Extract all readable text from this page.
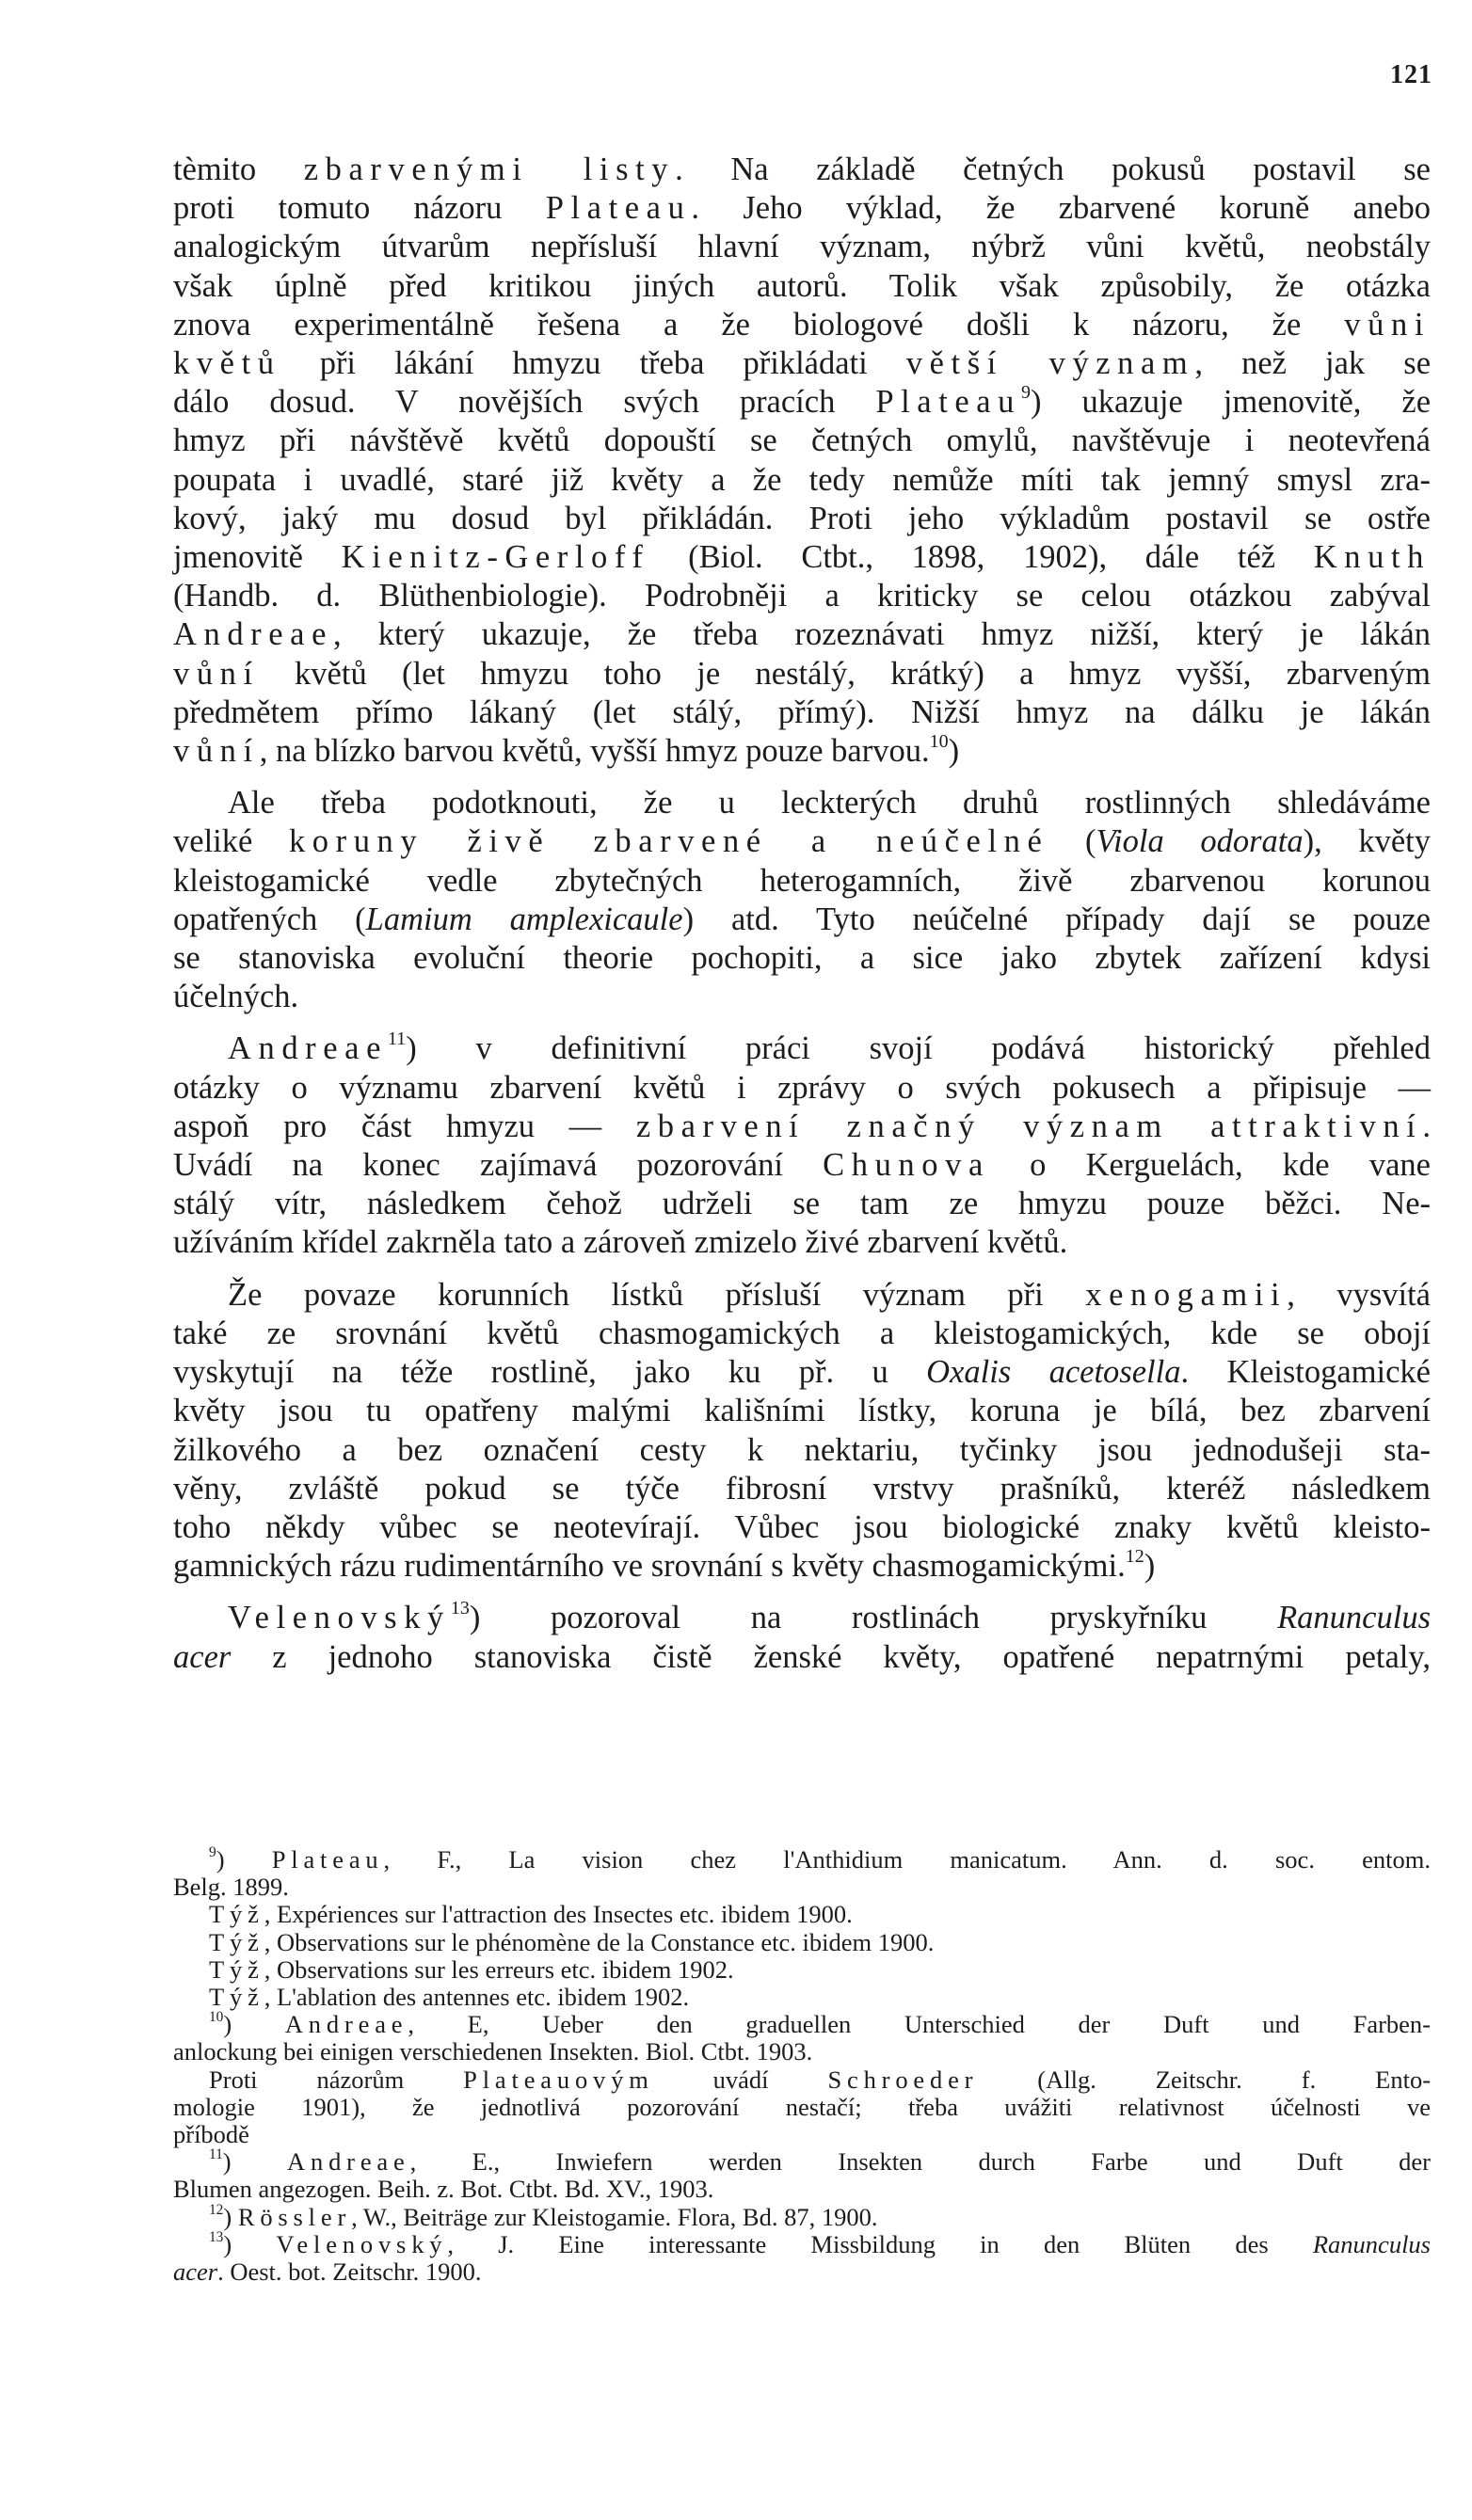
121
tèmito zbarvenými listy. Na základě četných pokusů postavil se
proti tomuto názoru Plateau. Jeho výklad, že zbarvené koruně anebo
analogickým útvarům nepřísluší hlavní význam, nýbrž vůni květů, neobstály
však úplně před kritikou jiných autorů. Tolik však způsobily, že otázka
znova experimentálně řešena a že biologové došli k názoru, že vůni
květů při lákání hmyzu třeba přikládati větší význam, než jak se
dálo dosud. V novějších svých pracích Plateau$^9$) ukazuje jmenovitě, že
hmyz při návštěvě květů dopouští se četných omylů, navštěvuje i neotevřená
poupata i uvadlé, staré již květy a že tedy nemůže míti tak jemný smysl zra-
kový, jaký mu dosud byl přikládán. Proti jeho výkladům postavil se ostře
jmenovitě Kienitz-Gerloff (Biol. Ctbt., 1898, 1902), dále též Knuth
(Handb. d. Blüthenbiologie). Podrobněji a kriticky se celou otázkou zabýval
Andreae, který ukazuje, že třeba rozeznávati hmyz nižší, který je lákán
vůní květů (let hmyzu toho je nestálý, krátký) a hmyz vyšší, zbarveným
předmětem přímo lákaný (let stálý, přímý). Nižší hmyz na dálku je lákán
vůní, na blízko barvou květů, vyšší hmyz pouze barvou.$^{10}$)
Ale třeba podotknouti, že u leckterých druhů rostlinných shledáváme
veliké koruny živě zbarvené a neúčelné (Viola odorata), květy
kleistogamické vedle zbytečných heterogamních, živě zbarvenou korunou
opatřených (Lamium amplexicaule) atd. Tyto neúčelné případy dají se pouze
se stanoviska evoluční theorie pochopiti, a sice jako zbytek zařízení kdysi
účelných.
Andreae$^{11}$) v definitivní práci svojí podává historický přehled
otázky o významu zbarvení květů i zprávy o svých pokusech a připisuje —
aspoň pro část hmyzu — zbarvení značný význam attraktivní.
Uvádí na konec zajímavá pozorování Chunova o Kerguelách, kde vane
stálý vítr, následkem čehož udrželi se tam ze hmyzu pouze běžci. Ne-
užíváním křídel zakrněla tato a zároveň zmizelo živé zbarvení květů.
Že povaze korunních lístků přísluší význam při xenogamii, vysvítá
také ze srovnání květů chasmogamických a kleistogamických, kde se obojí
vyskytují na téže rostlině, jako ku př. u Oxalis acetosella. Kleistogamické
květy jsou tu opatřeny malými kališními lístky, koruna je bílá, bez zbarvení
žilkového a bez označení cesty k nektariu, tyčinky jsou jednodušeji sta-
věny, zvláště pokud se týče fibrosní vrstvy prašníků, kteréž následkem
toho někdy vůbec se neotevírají. Vůbec jsou biologické znaky květů kleisto-
gamnických rázu rudimentárního ve srovnání s květy chasmogamickými.$^{12}$)
Velenovský$^{13}$) pozoroval na rostlinách pryskyřníku Ranunculus
acer z jednoho stanoviska čistě ženské květy, opatřené nepatrnými petaly,
$^9$) Plateau, F., La vision chez l'Anthidium manicatum. Ann. d. soc. entom.
Belg. 1899.
Týž, Expériences sur l'attraction des Insectes etc. ibidem 1900.
Týž, Observations sur le phénomène de la Constance etc. ibidem 1900.
Týž, Observations sur les erreurs etc. ibidem 1902.
Týž, L'ablation des antennes etc. ibidem 1902.
$^{10}$) Andreae, E, Ueber den graduellen Unterschied der Duft und Farben-
anlockung bei einigen verschiedenen Insekten. Biol. Ctbt. 1903.
Proti názorům Plateauovým uvádí Schroeder (Allg. Zeitschr. f. Ento-
mologie 1901), že jednotlivá pozorování nestačí; třeba uvážiti relativnost účelnosti ve
příbodě
$^{11}$) Andreae, E., Inwiefern werden Insekten durch Farbe und Duft der
Blumen angezogen. Beih. z. Bot. Ctbt. Bd. XV., 1903.
$^{12}$) Rössler, W., Beiträge zur Kleistogamie. Flora, Bd. 87, 1900.
$^{13}$) Velenovský, J. Eine interessante Missbildung in den Blüten des Ranunculus
acer. Oest. bot. Zeitschr. 1900.
